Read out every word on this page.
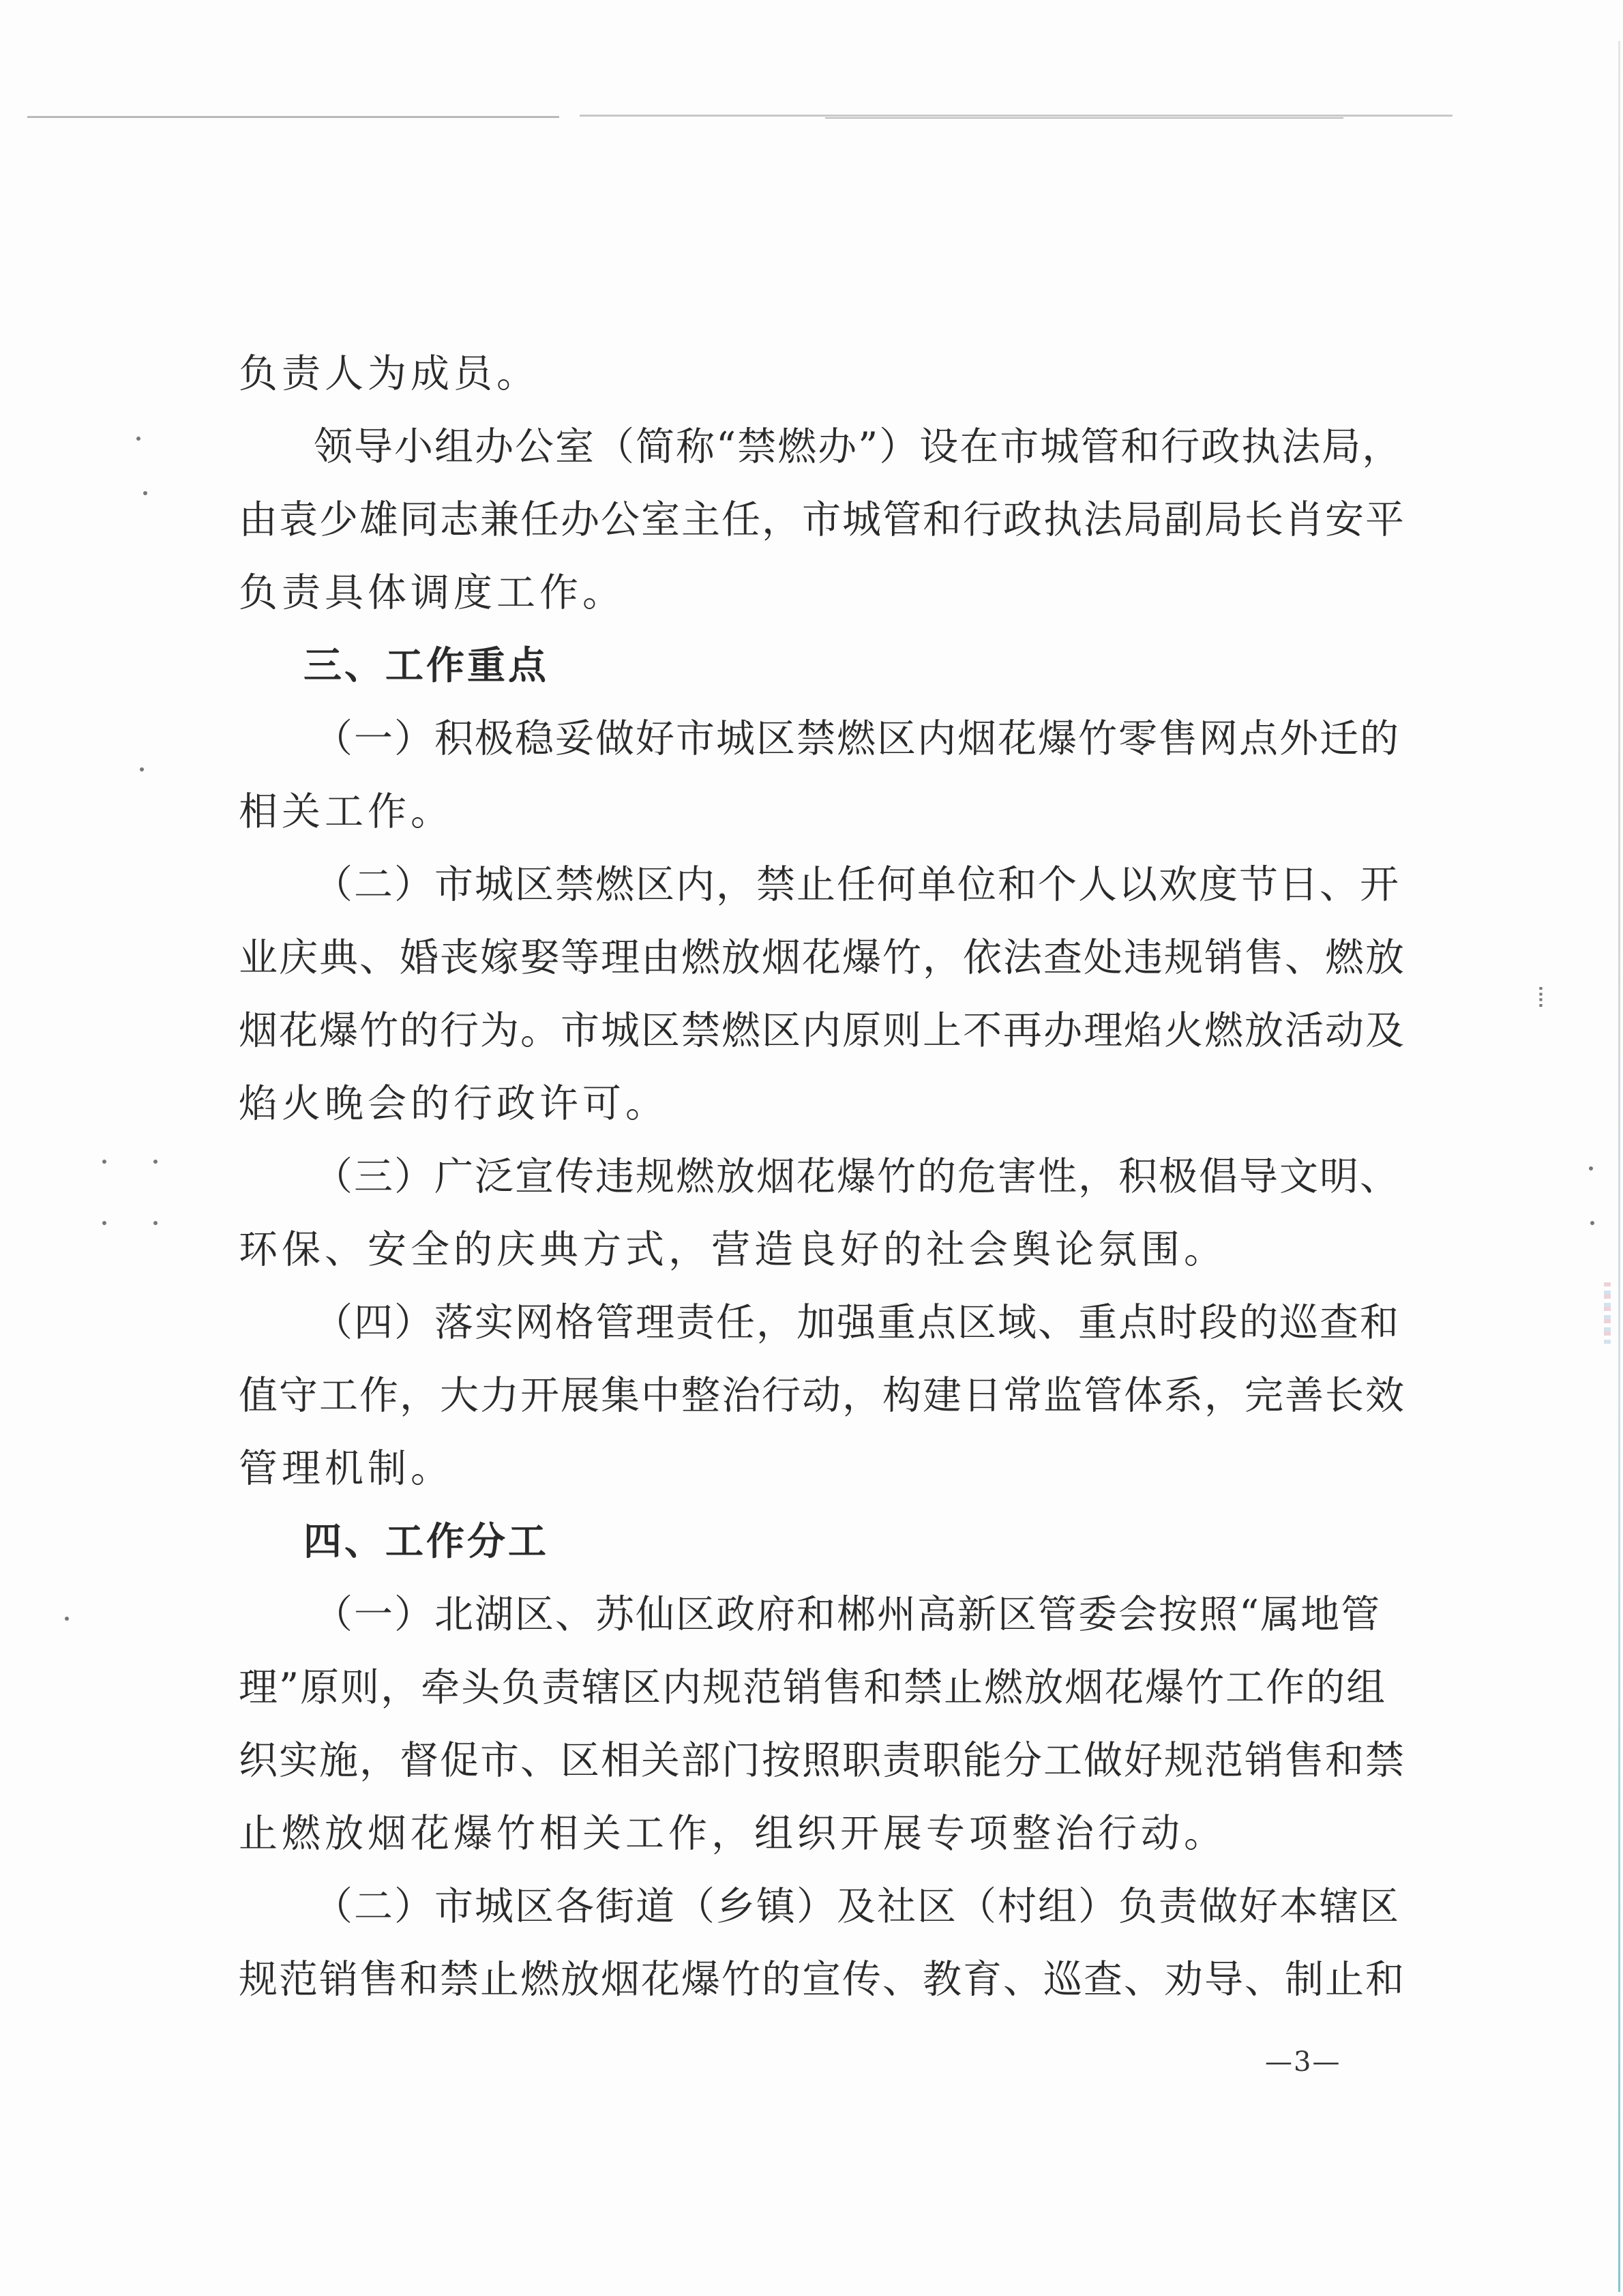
⦙
负责人为成员。
领导小组办公室（简称“禁燃办”）设在市城管和行政执法局，
由袁少雄同志兼任办公室主任，市城管和行政执法局副局长肖安平
负责具体调度工作。
三、工作重点
（一）积极稳妥做好市城区禁燃区内烟花爆竹零售网点外迁的
相关工作。
（二）市城区禁燃区内，禁止任何单位和个人以欢度节日、开
业庆典、婚丧嫁娶等理由燃放烟花爆竹，依法查处违规销售、燃放
烟花爆竹的行为。市城区禁燃区内原则上不再办理焰火燃放活动及
焰火晚会的行政许可。
（三）广泛宣传违规燃放烟花爆竹的危害性，积极倡导文明、
环保、安全的庆典方式，营造良好的社会舆论氛围。
（四）落实网格管理责任，加强重点区域、重点时段的巡查和
值守工作，大力开展集中整治行动，构建日常监管体系，完善长效
管理机制。
四、工作分工
（一）北湖区、苏仙区政府和郴州高新区管委会按照“属地管
理”原则，牵头负责辖区内规范销售和禁止燃放烟花爆竹工作的组
织实施，督促市、区相关部门按照职责职能分工做好规范销售和禁
止燃放烟花爆竹相关工作，组织开展专项整治行动。
（二）市城区各街道（乡镇）及社区（村组）负责做好本辖区
规范销售和禁止燃放烟花爆竹的宣传、教育、巡查、劝导、制止和
—3—
